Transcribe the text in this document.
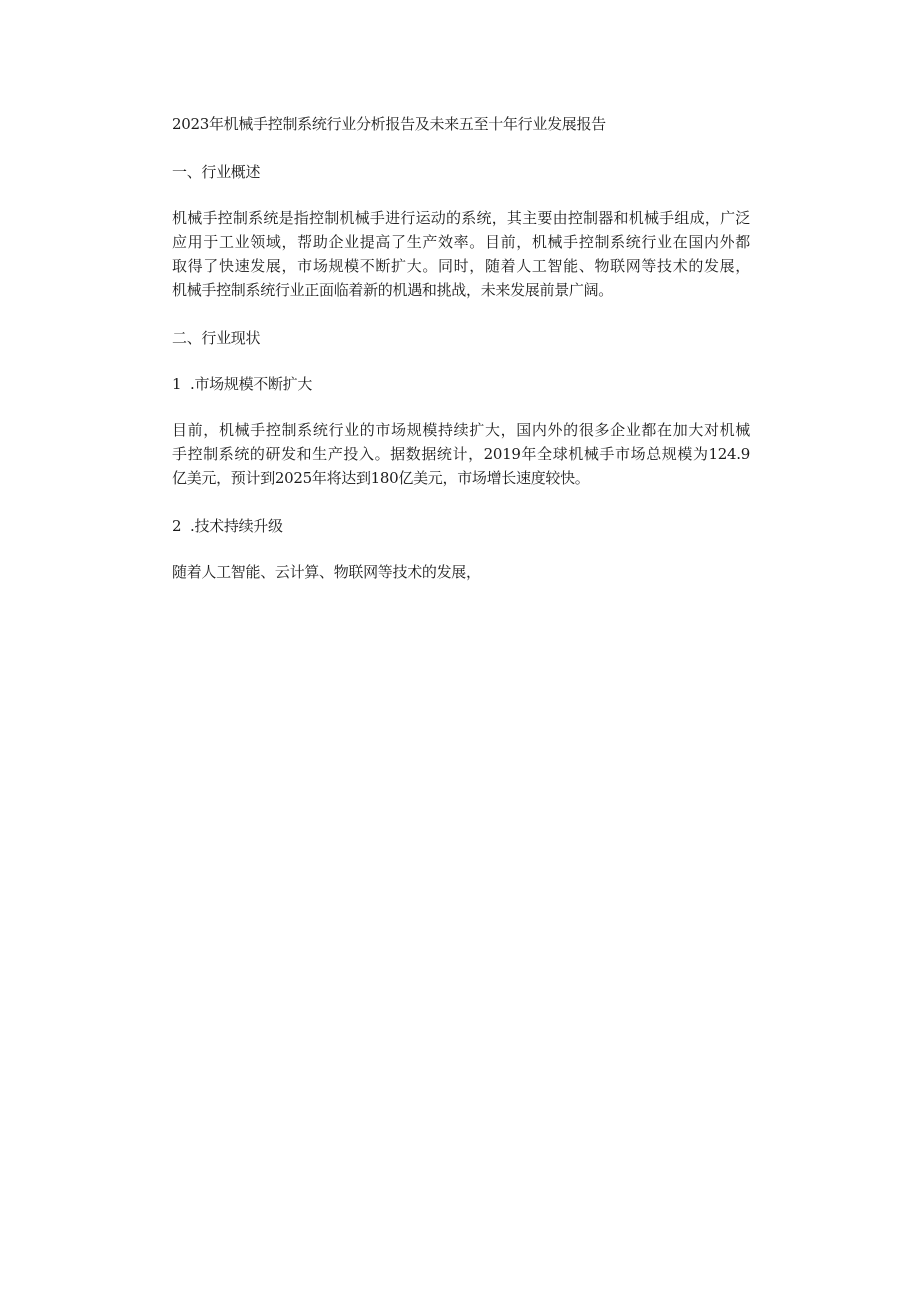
2023年机械手控制系统行业分析报告及未来五至十年行业发展报告
一、行业概述
机械手控制系统是指控制机械手进行运动的系统，其主要由控制器和机械手组成，广泛
应用于工业领域，帮助企业提高了生产效率。目前，机械手控制系统行业在国内外都
取得了快速发展，市场规模不断扩大。同时，随着人工智能、物联网等技术的发展，
机械手控制系统行业正面临着新的机遇和挑战，未来发展前景广阔。
二、行业现状
1 .市场规模不断扩大
目前，机械手控制系统行业的市场规模持续扩大，国内外的很多企业都在加大对机械
手控制系统的研发和生产投入。据数据统计，2019年全球机械手市场总规模为124.9
亿美元，预计到2025年将达到180亿美元，市场增长速度较快。
2 .技术持续升级
随着人工智能、云计算、物联网等技术的发展，
